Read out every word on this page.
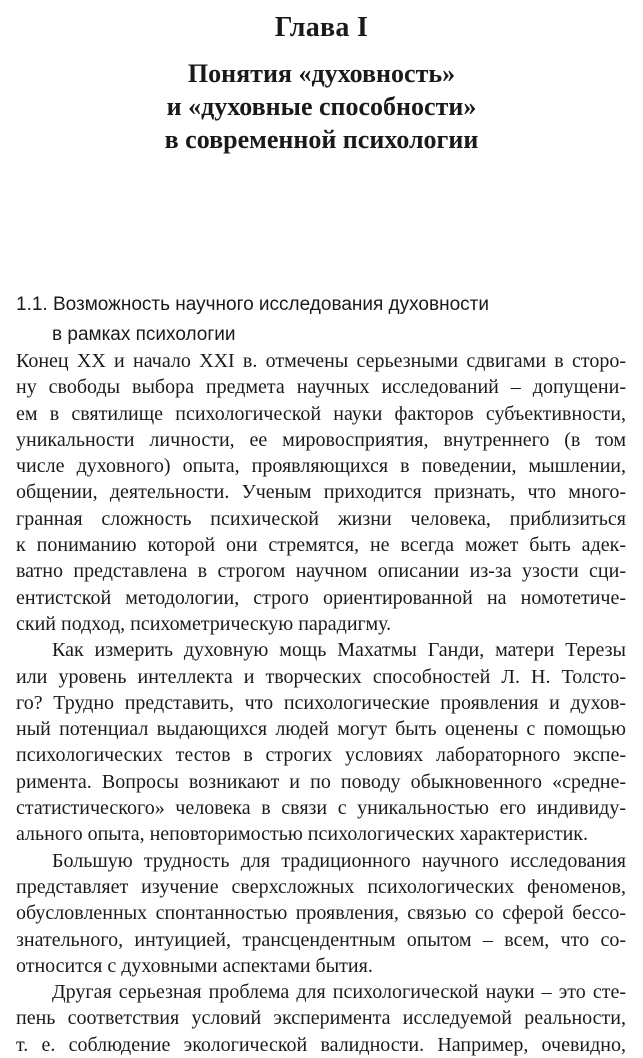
Глава I
Понятия «духовность»
и «духовные способности»
в современной психологии
1.1. Возможность научного исследования духовности
в рамках психологии
Конец XX и начало XXI в. отмечены серьезными сдвигами в сторо-
ну свободы выбора предмета научных исследований – допущени-
ем в святилище психологической науки факторов субъективности,
уникальности личности, ее мировосприятия, внутреннего (в том
числе духовного) опыта, проявляющихся в поведении, мышлении,
общении, деятельности. Ученым приходится признать, что много-
гранная сложность психической жизни человека, приблизиться
к пониманию которой они стремятся, не всегда может быть адек-
ватно представлена в строгом научном описании из-за узости сци-
ентистской методологии, строго ориентированной на номотетиче-
ский подход, психометрическую парадигму.
Как измерить духовную мощь Махатмы Ганди, матери Терезы
или уровень интеллекта и творческих способностей Л. Н. Толсто-
го? Трудно представить, что психологические проявления и духов-
ный потенциал выдающихся людей могут быть оценены с помощью
психологических тестов в строгих условиях лабораторного экспе-
римента. Вопросы возникают и по поводу обыкновенного «средне-
статистического» человека в связи с уникальностью его индивиду-
ального опыта, неповторимостью психологических характеристик.
Большую трудность для традиционного научного исследования
представляет изучение сверхсложных психологических феноменов,
обусловленных спонтанностью проявления, связью со сферой бессо-
знательного, интуицией, трансцендентным опытом – всем, что со-
относится с духовными аспектами бытия.
Другая серьезная проблема для психологической науки – это сте-
пень соответствия условий эксперимента исследуемой реальности,
т. е. соблюдение экологической валидности. Например, очевидно,
